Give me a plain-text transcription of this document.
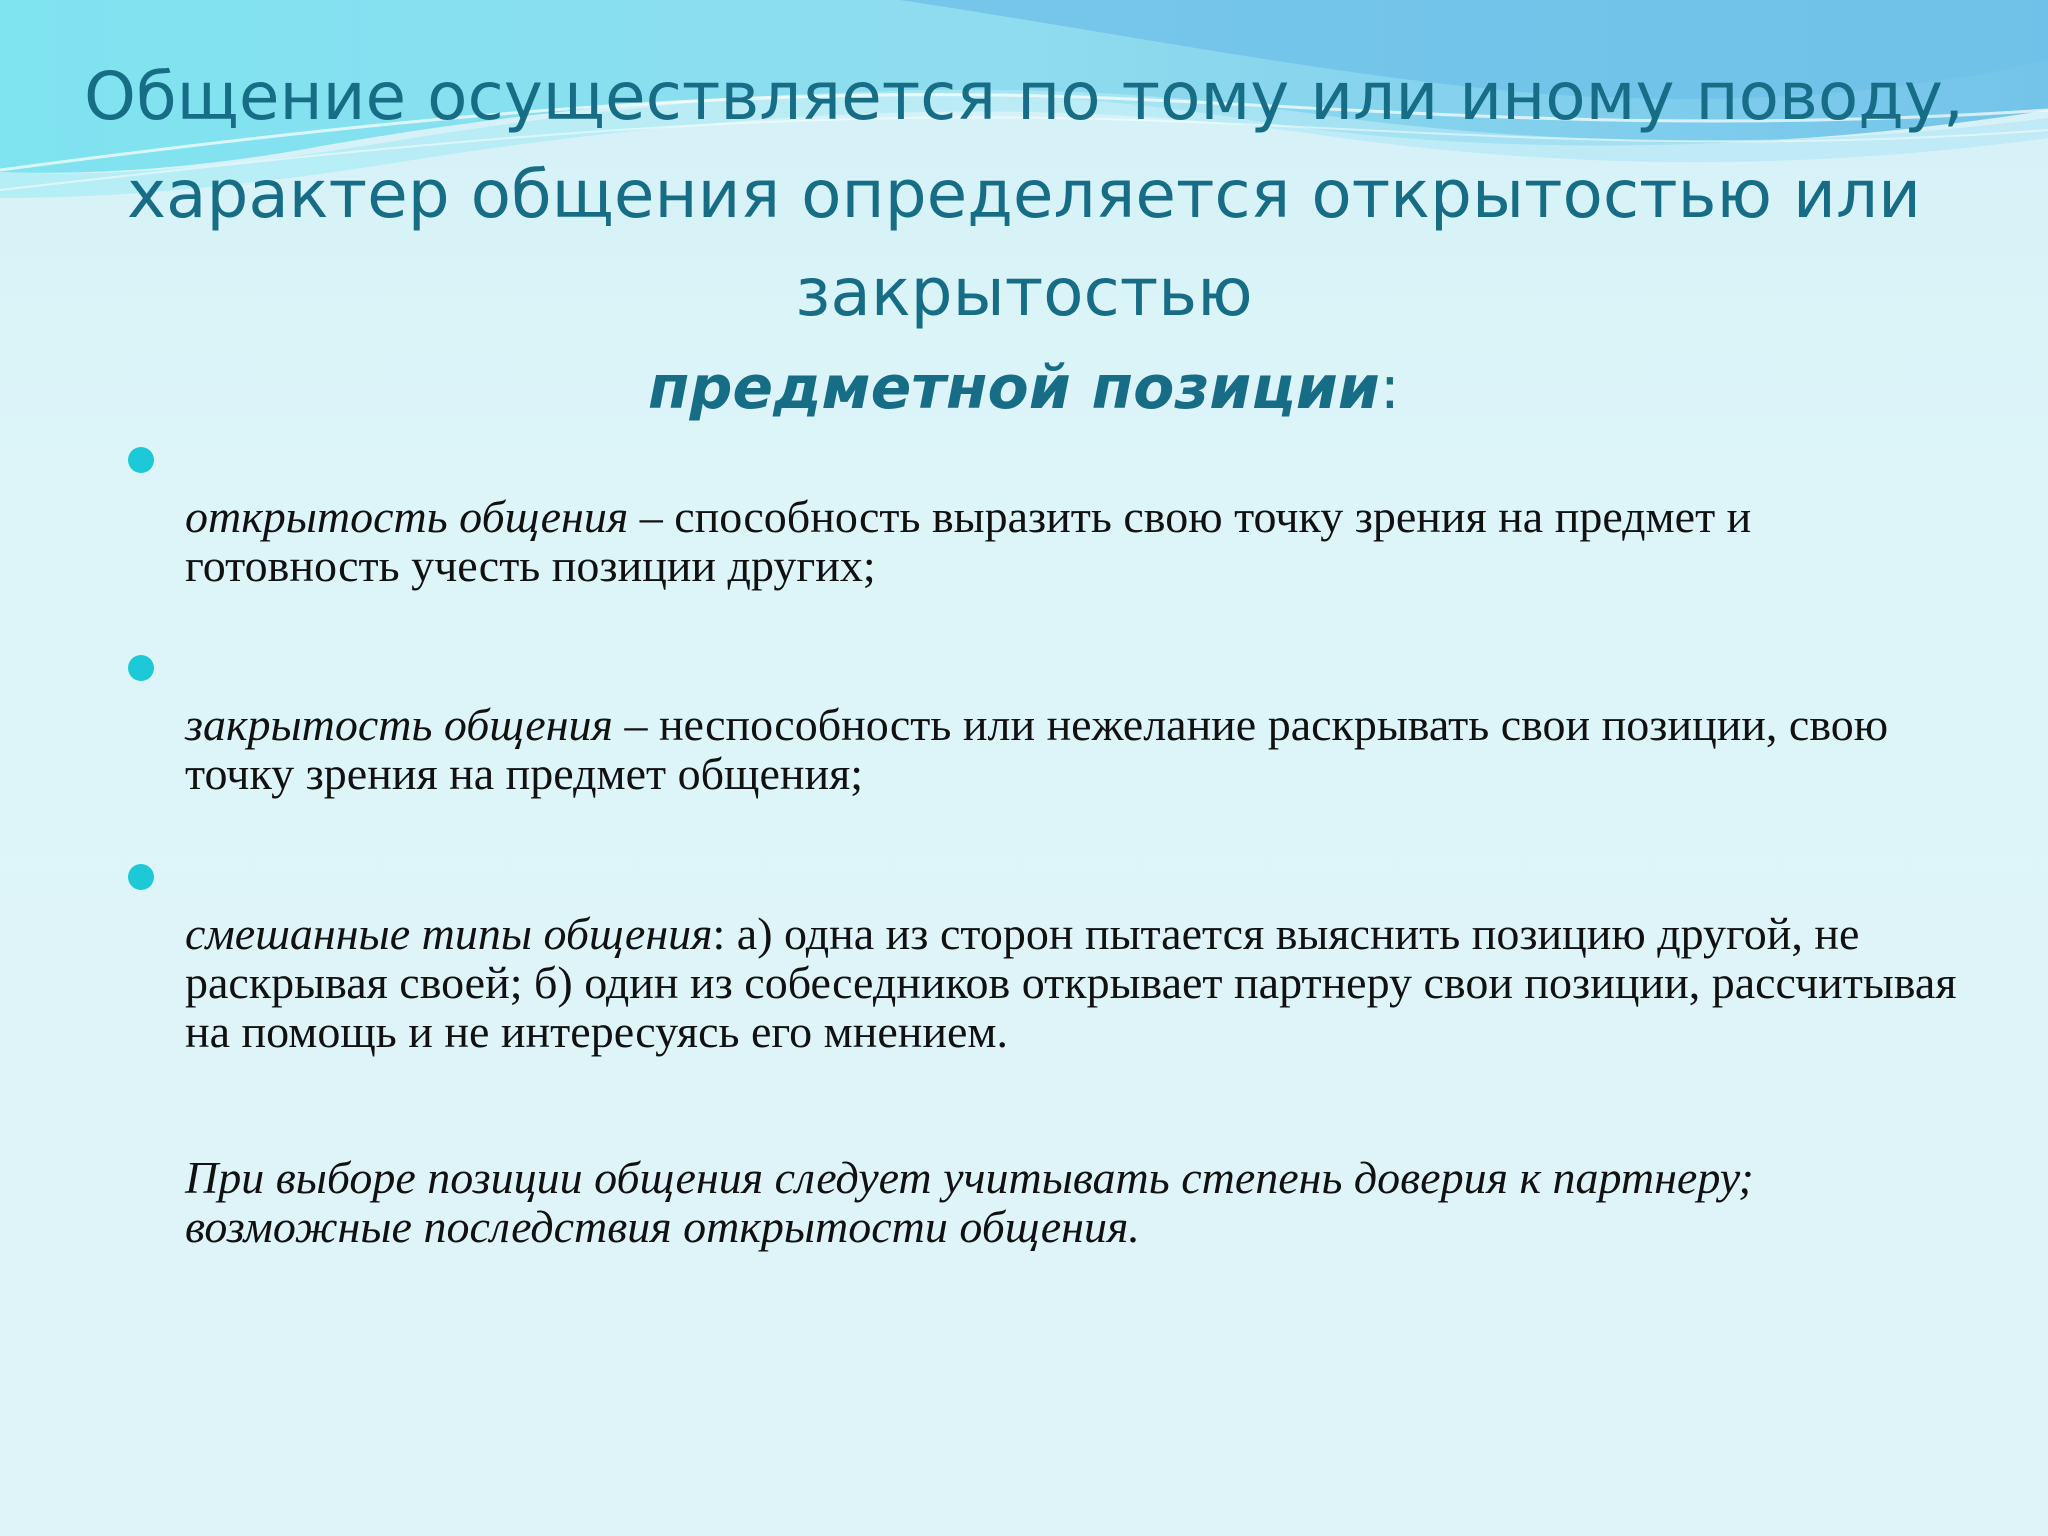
Общение осуществляется по тому или иному поводу,
характер общения определяется открытостью или
закрытостью
предметной позиции:
открытость общения – способность выразить свою точку зрения на предмет и готовность учесть позиции других;
закрытость общения – неспособность или нежелание раскрывать свои позиции, свою точку зрения на предмет общения;
смешанные типы общения: а) одна из сторон пытается выяснить позицию другой, не раскрывая своей; б) один из собеседников открывает партнеру свои позиции, рассчитывая на помощь и не интересуясь его мнением.
При выборе позиции общения следует учитывать степень доверия к партнеру; возможные последствия открытости общения.
